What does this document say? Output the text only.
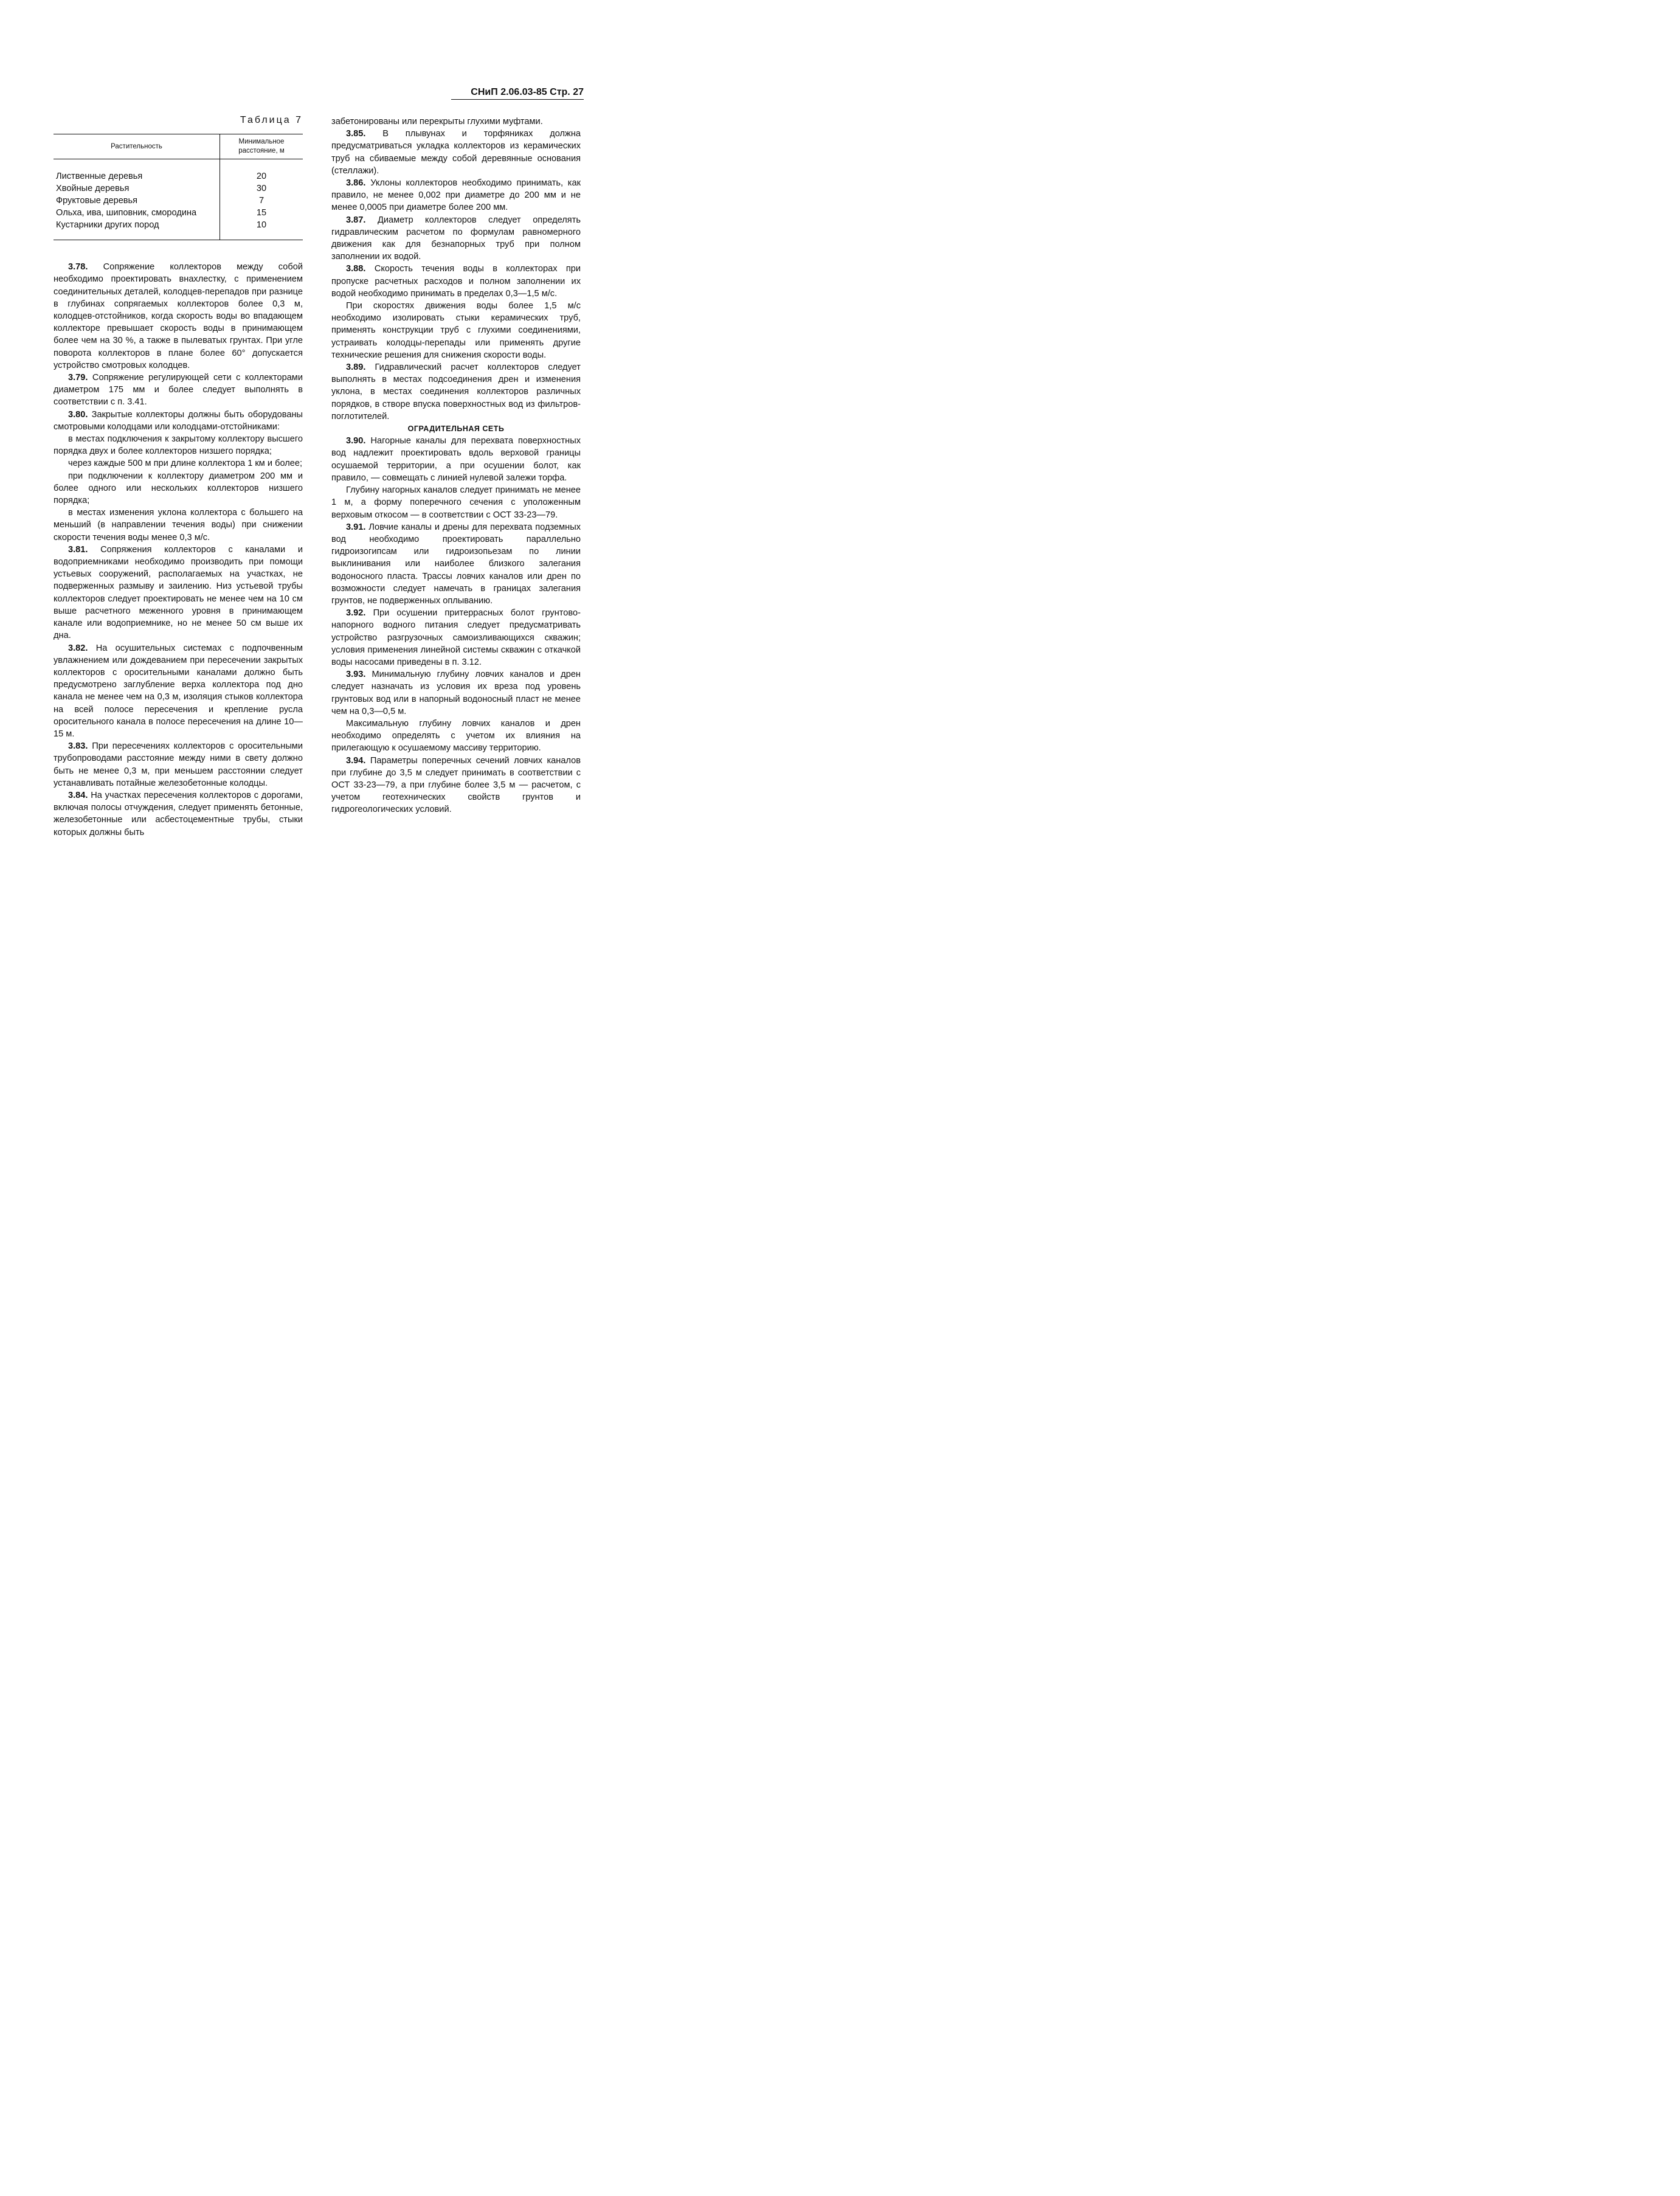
СНиП 2.06.03-85 Стр. 27
Таблица 7
Растительность	Минимальное расстояние, м
Лиственные деревья	20
Хвойные деревья	30
Фруктовые деревья	7
Ольха, ива, шиповник, смородина	15
Кустарники других пород	10

3.78. Сопряжение коллекторов между собой необходимо проектировать внахлестку, с применением соединительных деталей, колодцев-перепадов при разнице в глубинах сопрягаемых коллекторов более 0,3 м, колодцев-отстойников, когда скорость воды во впадающем коллекторе превышает скорость воды в принимающем более чем на 30 %, а также в пылеватых грунтах. При угле поворота коллекторов в плане более 60° допускается устройство смотровых колодцев.

3.79. Сопряжение регулирующей сети с коллекторами диаметром 175 мм и более следует выполнять в соответствии с п. 3.41.

3.80. Закрытые коллекторы должны быть оборудованы смотровыми колодцами или колодцами-отстойниками:

в местах подключения к закрытому коллектору высшего порядка двух и более коллекторов низшего порядка;

через каждые 500 м при длине коллектора 1 км и более;

при подключении к коллектору диаметром 200 мм и более одного или нескольких коллекторов низшего порядка;

в местах изменения уклона коллектора с большего на меньший (в направлении течения воды) при снижении скорости течения воды менее 0,3 м/с.

3.81. Сопряжения коллекторов с каналами и водоприемниками необходимо производить при помощи устьевых сооружений, располагаемых на участках, не подверженных размыву и заилению. Низ устьевой трубы коллекторов следует проектировать не менее чем на 10 см выше расчетного меженного уровня в принимающем канале или водоприемнике, но не менее 50 см выше их дна.

3.82. На осушительных системах с подпочвенным увлажнением или дождеванием при пересечении закрытых коллекторов с оросительными каналами должно быть предусмотрено заглубление верха коллектора под дно канала не менее чем на 0,3 м, изоляция стыков коллектора на всей полосе пересечения и крепление русла оросительного канала в полосе пересечения на длине 10—15 м.

3.83. При пересечениях коллекторов с оросительными трубопроводами расстояние между ними в свету должно быть не менее 0,3 м, при меньшем расстоянии следует устанавливать потайные железобетонные колодцы.

3.84. На участках пересечения коллекторов с дорогами, включая полосы отчуждения, следует применять бетонные, железобетонные или асбестоцементные трубы, стыки которых должны быть

забетонированы или перекрыты глухими муфтами.

3.85. В плывунах и торфяниках должна предусматриваться укладка коллекторов из керамических труб на сбиваемые между собой деревянные основания (стеллажи).

3.86. Уклоны коллекторов необходимо принимать, как правило, не менее 0,002 при диаметре до 200 мм и не менее 0,0005 при диаметре более 200 мм.

3.87. Диаметр коллекторов следует определять гидравлическим расчетом по формулам равномерного движения как для безнапорных труб при полном заполнении их водой.

3.88. Скорость течения воды в коллекторах при пропуске расчетных расходов и полном заполнении их водой необходимо принимать в пределах 0,3—1,5 м/с.

При скоростях движения воды более 1,5 м/с необходимо изолировать стыки керамических труб, применять конструкции труб с глухими соединениями, устраивать колодцы-перепады или применять другие технические решения для снижения скорости воды.

3.89. Гидравлический расчет коллекторов следует выполнять в местах подсоединения дрен и изменения уклона, в местах соединения коллекторов различных порядков, в створе впуска поверхностных вод из фильтров-поглотителей.

ОГРАДИТЕЛЬНАЯ СЕТЬ

3.90. Нагорные каналы для перехвата поверхностных вод надлежит проектировать вдоль верховой границы осушаемой территории, а при осушении болот, как правило, — совмещать с линией нулевой залежи торфа.

Глубину нагорных каналов следует принимать не менее 1 м, а форму поперечного сечения с уположенным верховым откосом — в соответствии с ОСТ 33-23—79.

3.91. Ловчие каналы и дрены для перехвата подземных вод необходимо проектировать параллельно гидроизогипсам или гидроизопьезам по линии выклинивания или наиболее близкого залегания водоносного пласта. Трассы ловчих каналов или дрен по возможности следует намечать в границах залегания грунтов, не подверженных оплыванию.

3.92. При осушении притеррасных болот грунтово-напорного водного питания следует предусматривать устройство разгрузочных самоизливающихся скважин; условия применения линейной системы скважин с откачкой воды насосами приведены в п. 3.12.

3.93. Минимальную глубину ловчих каналов и дрен следует назначать из условия их вреза под уровень грунтовых вод или в напорный водоносный пласт не менее чем на 0,3—0,5 м.

Максимальную глубину ловчих каналов и дрен необходимо определять с учетом их влияния на прилегающую к осушаемому массиву территорию.

3.94. Параметры поперечных сечений ловчих каналов при глубине до 3,5 м следует принимать в соответствии с ОСТ 33-23—79, а при глубине более 3,5 м — расчетом, с учетом геотехнических свойств грунтов и гидрогеологических условий.
